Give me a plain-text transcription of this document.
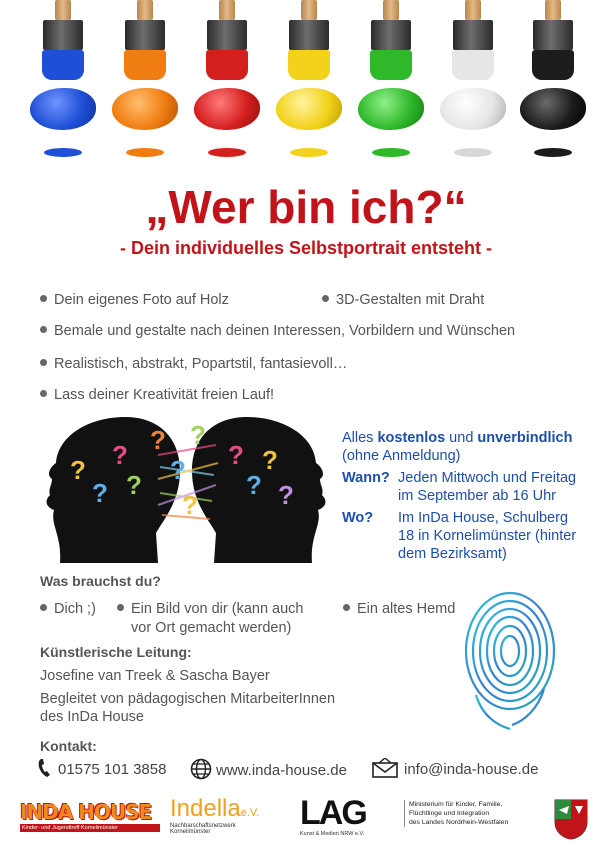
„Wer bin ich?“
- Dein individuelles Selbstportrait entsteht -
Dein eigenes Foto auf Holz	3D-Gestalten mit Draht
Bemale und gestalte nach deinen Interessen, Vorbildern und Wünschen
Realistisch, abstrakt, Popartstil, fantasievoll…
Lass deiner Kreativität freien Lauf!
?
?
?
?
?
?
?
?
?
?
?
?
Alles kostenlos und unverbindlich
(ohne Anmeldung)
Wann? Jeden Mittwoch und Freitag
im September ab 16 Uhr
Wo? Im InDa House, Schulberg
18 in Kornelimünster (hinter
dem Bezirksamt)
Was brauchst du?
Dich ;)	Ein Bild von dir (kann auch
vor Ort gemacht werden)
Ein altes Hemd
Künstlerische Leitung:
Josefine van Treek & Sascha Bayer
Begleitet von pädagogischen MitarbeiterInnen
des InDa House
Kontakt:
01575 101 3858	www.inda-house.de	info@inda-house.de
INDA HOUSE
Kinder- und Jugendtreff Kornelimünster
Indellae.V.
Nachbarschaftsnetzwerk
Kornelimünster	LAG
Kunst & Medien NRW e.V.
Ministerium für Kinder, Familie,
Flüchtlinge und Integration
des Landes Nordrhein-Westfalen
